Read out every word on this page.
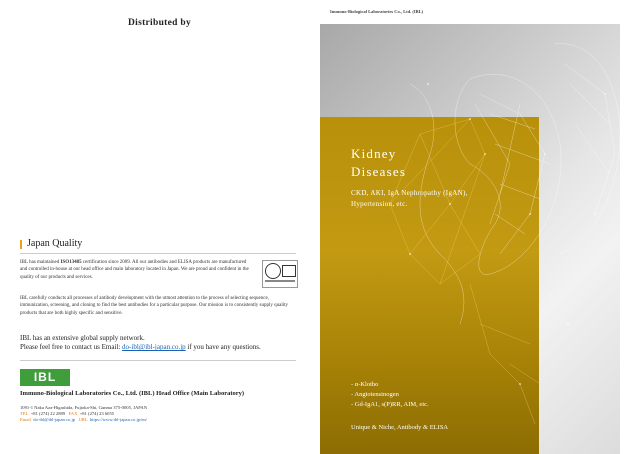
Distributed by
Japan Quality
IBL has maintained ISO13485 certification since 2009. All our antibodies and ELISA products are manufactured and controlled in-house at our head office and main laboratory located in Japan. We are proud and confident in the quality of our products and services.
IBL carefully conducts all processes of antibody development with the utmost attention to the process of selecting sequence, immunization, screening, and cloning to find the best antibodies for a particular purpose. Our mission is to consistently supply quality products that are both highly specific and sensitive.
IBL has an extensive global supply network.
Please feel free to contact us Email: do-ibl@ibl-japan.co.jp if you have any questions.
IBL
Immuno-Biological Laboratories Co., Ltd. (IBL) Head Office (Main Laboratory)
1091-1 Naka Aza-Higashida, Fujioka-Shi, Gunma 375-0005, JAPAN
TEL +81 (274) 22 2889 FAX +81 (274) 23 6055
Email do-ibl@ibl-japan.co.jp URL https://www.ibl-japan.co.jp/en/
Immuno-Biological Laboratories Co., Ltd. (IBL)
Kidney
Diseases
CKD, AKI, IgA Nephropathy (IgAN),
Hypertension, etc.
- α-Klotho
- Angiotensinogen
- Gd-IgA1, s(P)RR, AIM, etc.
Unique & Niche, Antibody & ELISA
